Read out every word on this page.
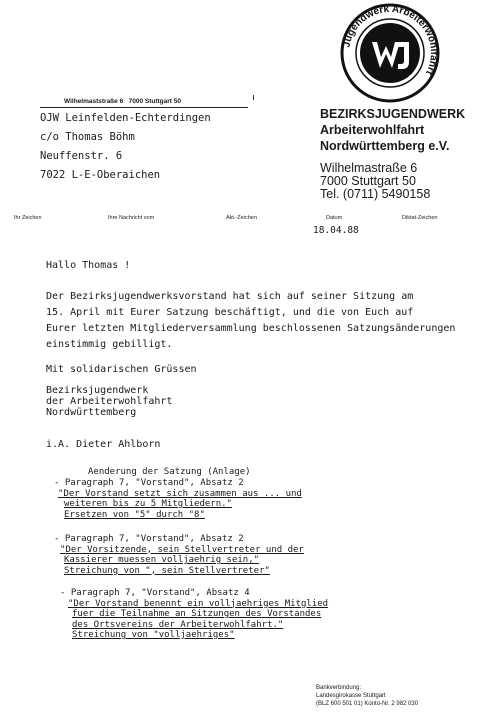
Jugendwerk Arbeiterwohlfahrt
Wilhelmaststraße 6 7000 Stuttgart 50
OJW Leinfelden-Echterdingen
c/o Thomas Böhm
Neuffenstr. 6
7022 L-E-Oberaichen
BEZIRKSJUGENDWERK
Arbeiterwohlfahrt
Nordwürttemberg e.V.
Wilhelmastraße 6
7000 Stuttgart 50
Tel. (0711) 5490158
Ihr Zeichen	Ihre Nachricht vom	Akt.-Zeichen	Datum	Diktat-Zeichen
18.04.88
Hallo Thomas !
Der Bezirksjugendwerksvorstand hat sich auf seiner Sitzung am
15. April mit Eurer Satzung beschäftigt, und die von Euch auf
Eurer letzten Mitgliederversammlung beschlossenen Satzungsänderungen
einstimmig gebilligt.
Mit solidarischen Grüssen
Bezirksjugendwerk
der Arbeiterwohlfahrt
Nordwürttemberg
i.A. Dieter Ahlborn
Aenderung der Satzung (Anlage)
- Paragraph 7, "Vorstand", Absatz 2
"Der Vorstand setzt sich zusammen aus ... und
weiteren bis zu 5 Mitgliedern."
Ersetzen von "5" durch "8"
- Paragraph 7, "Vorstand", Absatz 2
"Der Vorsitzende, sein Stellvertreter und der
Kassierer muessen volljaehrig sein,"
Streichung von ", sein Stellvertreter"
- Paragraph 7, "Vorstand", Absatz 4
"Der Vorstand benennt ein volljaehriges Mitglied
fuer die Teilnahme an Sitzungen des Vorstandes
des Ortsvereins der Arbeiterwohlfahrt."
Streichung von "volljaehriges"
Bankverbindung:
Landesgirokasse Stuttgart
(BLZ 600 501 01) Konto-Nr. 2 982 030
